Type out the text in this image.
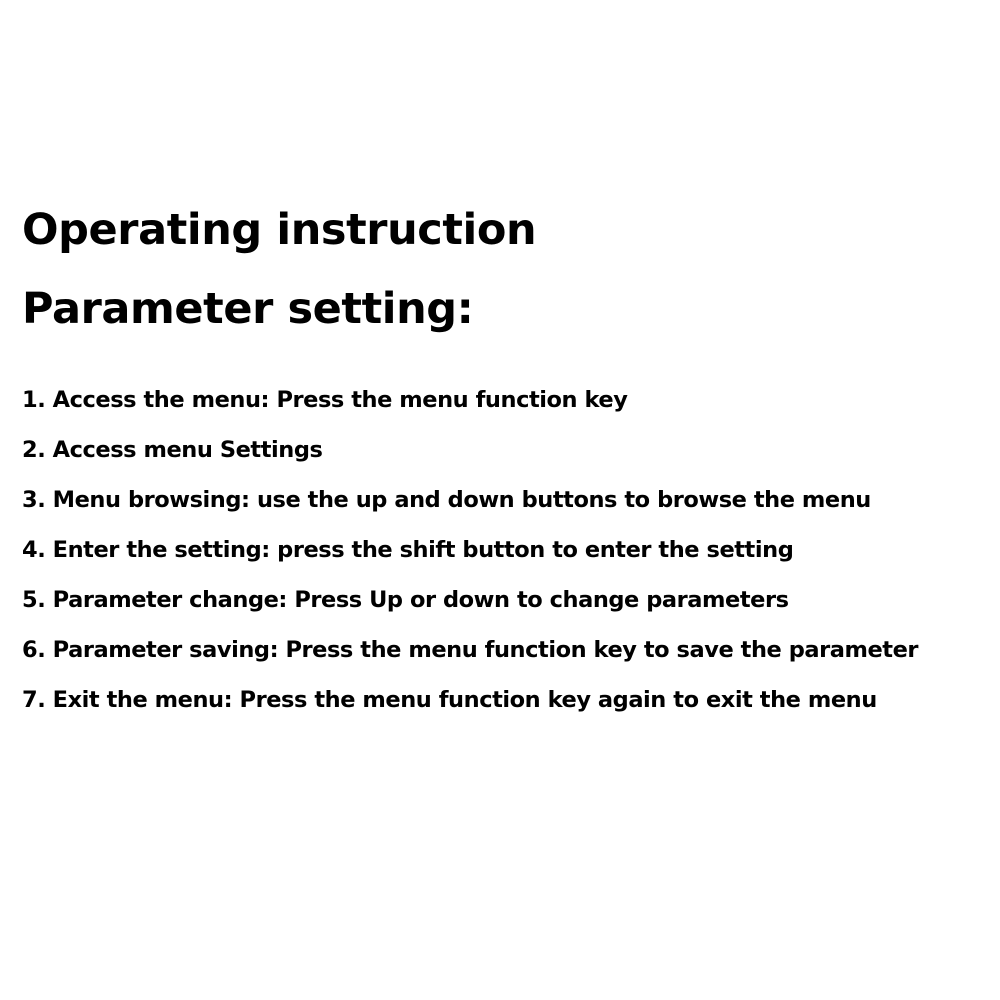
Operating instruction
Parameter setting:
1. Access the menu: Press the menu function key
2. Access menu Settings
3. Menu browsing: use the up and down buttons to browse the menu
4. Enter the setting: press the shift button to enter the setting
5. Parameter change: Press Up or down to change parameters
6. Parameter saving: Press the menu function key to save the parameter
7. Exit the menu: Press the menu function key again to exit the menu
